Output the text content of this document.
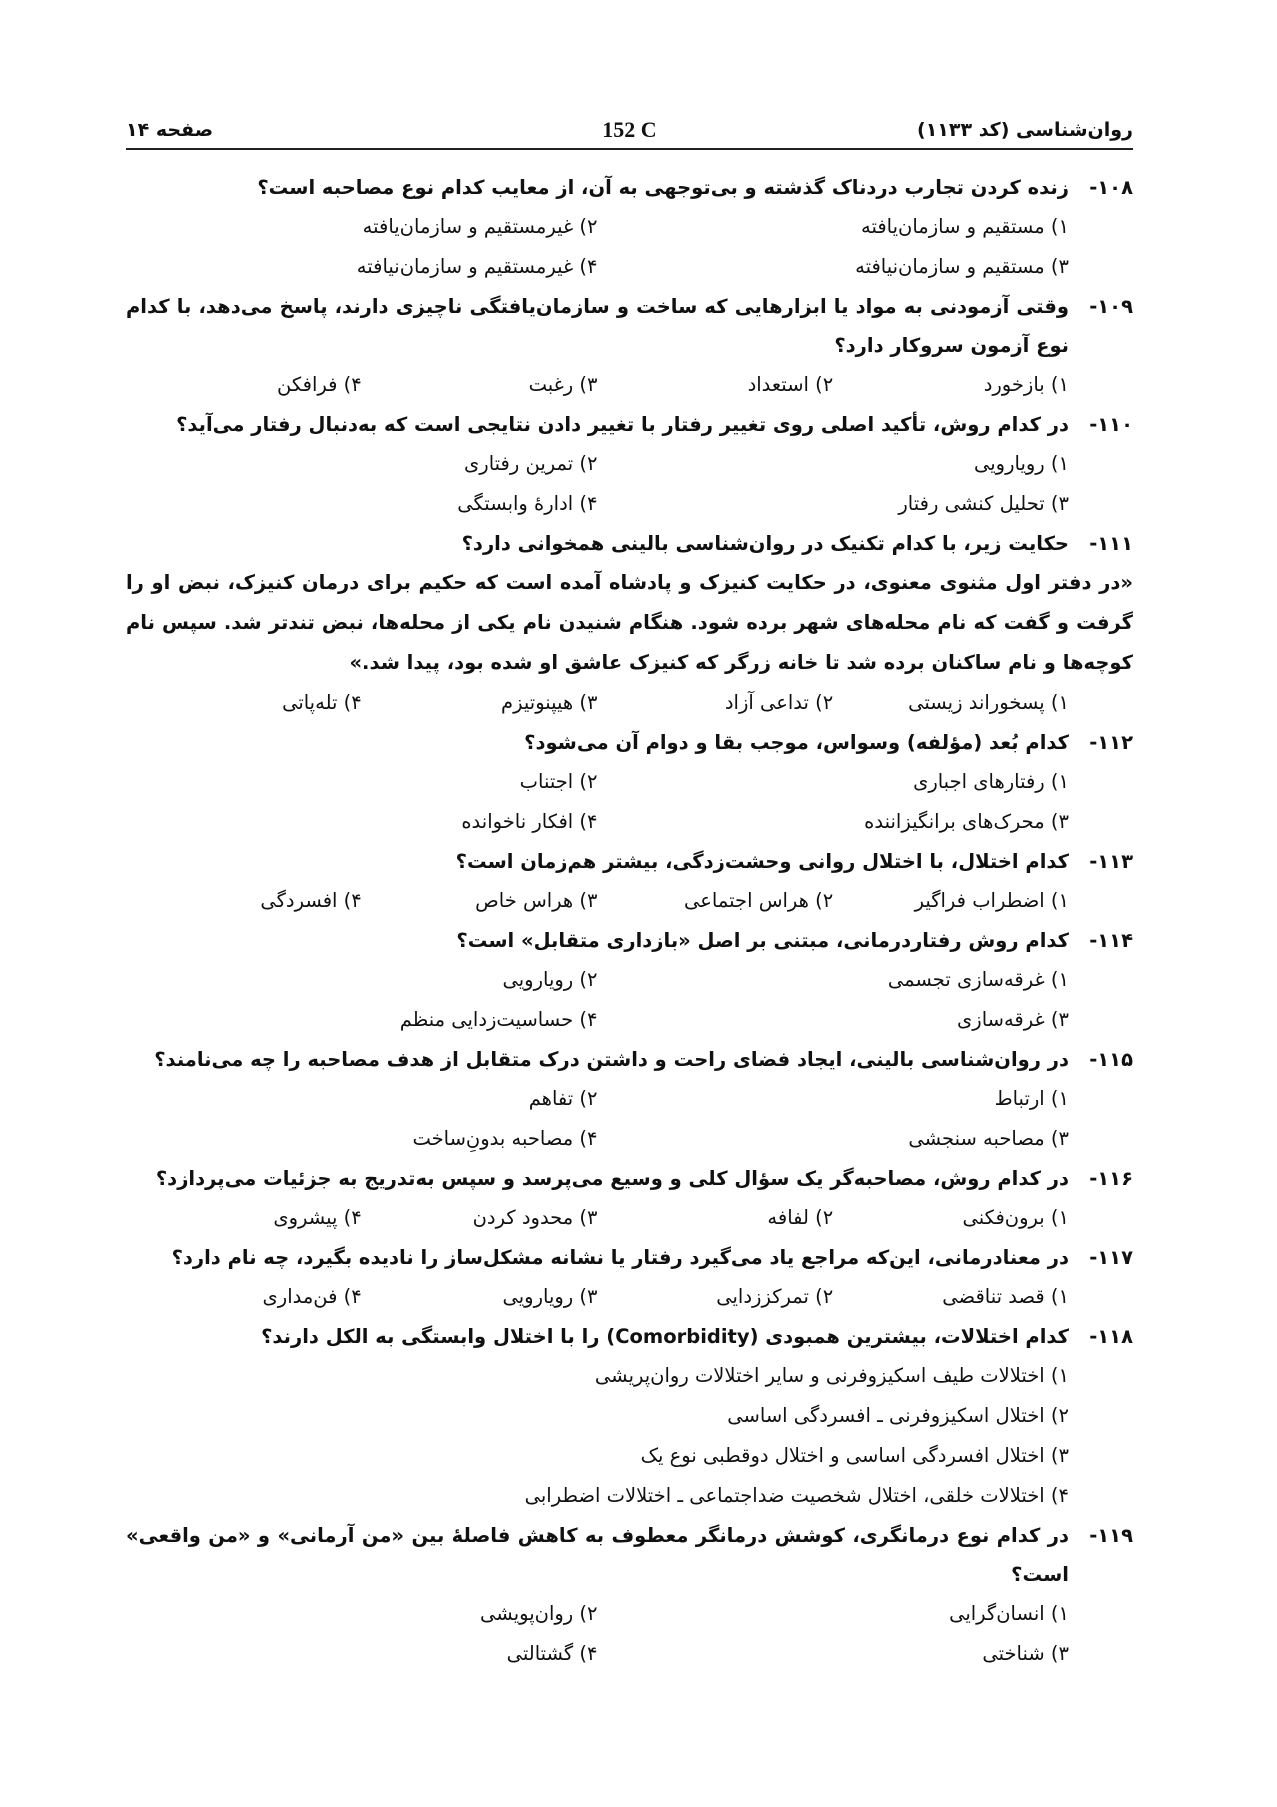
روان‌شناسی (کد ۱۱۳۳)
152 C
صفحه ۱۴
۱۰۸-
زنده کردن تجارب دردناک گذشته و بی‌توجهی به آن، از معایب کدام نوع مصاحبه است؟
۱) مستقیم و سازمان‌یافته
۲) غیرمستقیم و سازمان‌یافته
۳) مستقیم و سازمان‌نیافته
۴) غیرمستقیم و سازمان‌نیافته
۱۰۹-
وقتی آزمودنی به مواد یا ابزارهایی که ساخت و سازمان‌یافتگی ناچیزی دارند، پاسخ می‌دهد، با کدام نوع آزمون سروکار دارد؟
۱) بازخورد
۲) استعداد
۳) رغبت
۴) فرافکن
۱۱۰-
در کدام روش، تأکید اصلی روی تغییر رفتار با تغییر دادن نتایجی است که به‌دنبال رفتار می‌آید؟
۱) رویارویی
۲) تمرین رفتاری
۳) تحلیل کنشی رفتار
۴) ادارهٔ وابستگی
۱۱۱-
حکایت زیر، با کدام تکنیک در روان‌شناسی بالینی همخوانی دارد؟
«در دفتر اول مثنوی معنوی، در حکایت کنیزک و پادشاه آمده است که حکیم برای درمان کنیزک، نبض او را گرفت و گفت که نام محله‌های شهر برده شود. هنگام شنیدن نام یکی از محله‌ها، نبض تندتر شد. سپس نام کوچه‌ها و نام ساکنان برده شد تا خانه زرگر که کنیزک عاشق او شده بود، پیدا شد.»
۱) پسخوراند زیستی
۲) تداعی آزاد
۳) هیپنوتیزم
۴) تله‌پاتی
۱۱۲-
کدام بُعد (مؤلفه) وسواس، موجب بقا و دوام آن می‌شود؟
۱) رفتارهای اجباری
۲) اجتناب
۳) محرک‌های برانگیزاننده
۴) افکار ناخوانده
۱۱۳-
کدام اختلال، با اختلال روانی وحشت‌زدگی، بیشتر هم‌زمان است؟
۱) اضطراب فراگیر
۲) هراس اجتماعی
۳) هراس خاص
۴) افسردگی
۱۱۴-
کدام روش رفتاردرمانی، مبتنی بر اصل «بازداری متقابل» است؟
۱) غرقه‌سازی تجسمی
۲) رویارویی
۳) غرقه‌سازی
۴) حساسیت‌زدایی منظم
۱۱۵-
در روان‌شناسی بالینی، ایجاد فضای راحت و داشتن درک متقابل از هدف مصاحبه را چه می‌نامند؟
۱) ارتباط
۲) تفاهم
۳) مصاحبه سنجشی
۴) مصاحبه بدون‌ِساخت
۱۱۶-
در کدام روش، مصاحبه‌گر یک سؤال کلی و وسیع می‌پرسد و سپس به‌تدریج به جزئیات می‌پردازد؟
۱) برون‌فکنی
۲) لفافه
۳) محدود کردن
۴) پیشروی
۱۱۷-
در معنادرمانی، این‌که مراجع یاد می‌گیرد رفتار یا نشانه مشکل‌ساز را نادیده بگیرد، چه نام دارد؟
۱) قصد تناقضی
۲) تمرکززدایی
۳) رویارویی
۴) فن‌مداری
۱۱۸-
کدام اختلالات، بیشترین همبودی (Comorbidity) را با اختلال وابستگی به الکل دارند؟
۱) اختلالات طیف اسکیزوفرنی و سایر اختلالات روان‌پریشی
۲) اختلال اسکیزوفرنی ـ افسردگی اساسی
۳) اختلال افسردگی اساسی و اختلال دوقطبی نوع یک
۴) اختلالات خلقی، اختلال شخصیت ضداجتماعی ـ اختلالات اضطرابی
۱۱۹-
در کدام نوع درمانگری، کوشش درمانگر معطوف به کاهش فاصلهٔ بین «من آرمانی» و «من واقعی» است؟
۱) انسان‌گرایی
۲) روان‌پویشی
۳) شناختی
۴) گشتالتی
